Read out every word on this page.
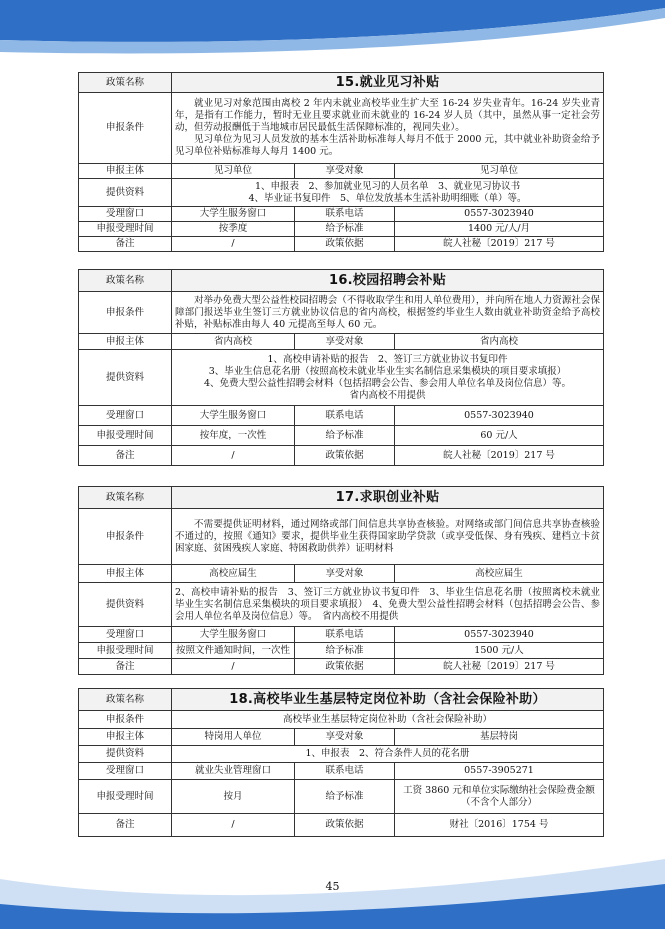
政策名称	15.就业见习补贴		
申报条件	就业见习对象范围由离校 2 年内未就业高校毕业生扩大至 16-24 岁失业青年。16-24 岁失业青年，是指有工作能力，暂时无业且要求就业而未就业的 16-24 岁人员（其中，虽然从事一定社会劳动，但劳动报酬低于当地城市居民最低生活保障标准的，视同失业）。

见习单位为见习人员发放的基本生活补助标准每人每月不低于 2000 元，其中就业补助资金给予见习单位补贴标准每人每月 1400 元。		

申报主体	见习单位	享受对象	见习单位
提供资料	1、申报表　2、参加就业见习的人员名单　3、就业见习协议书
4、毕业证书复印件　5、单位发放基本生活补助明细账（单）等。		

受理窗口	大学生服务窗口	联系电话	0557-3023940
申报受理时间	按季度	给予标准	1400 元/人/月
备注	/	政策依据	皖人社秘〔2019〕217 号
政策名称	16.校园招聘会补贴		
申报条件	对举办免费大型公益性校园招聘会（不得收取学生和用人单位费用），并向所在地人力资源社会保障部门报送毕业生签订三方就业协议信息的省内高校，根据签约毕业生人数由就业补助资金给予高校补贴，补贴标准由每人 40 元提高至每人 60 元。		

申报主体	省内高校	享受对象	省内高校
提供资料	1、高校申请补贴的报告　2、签订三方就业协议书复印件
3、毕业生信息花名册（按照高校未就业毕业生实名制信息采集模块的项目要求填报）
4、免费大型公益性招聘会材料（包括招聘会公告、参会用人单位名单及岗位信息）等。
省内高校不用提供		

受理窗口	大学生服务窗口	联系电话	0557-3023940
申报受理时间	按年度，一次性	给予标准	60 元/人
备注	/	政策依据	皖人社秘〔2019〕217 号
政策名称	17.求职创业补贴		
申报条件	不需要提供证明材料，通过网络或部门间信息共享协查核验。对网络或部门间信息共享协查核验不通过的，按照《通知》要求，提供毕业生获得国家助学贷款（或享受低保、身有残疾、建档立卡贫困家庭、贫困残疾人家庭、特困救助供养）证明材料		

申报主体	高校应届生	享受对象	高校应届生
提供资料	2、高校申请补贴的报告　3、签订三方就业协议书复印件　3、毕业生信息花名册（按照离校未就业毕业生实名制信息采集模块的项目要求填报）　4、免费大型公益性招聘会材料（包括招聘会公告、参会用人单位名单及岗位信息）等。　省内高校不用提供		

受理窗口	大学生服务窗口	联系电话	0557-3023940
申报受理时间	按照文件通知时间，一次性	给予标准	1500 元/人
备注	/	政策依据	皖人社秘〔2019〕217 号
政策名称	18.高校毕业生基层特定岗位补助（含社会保险补助）		
申报条件	高校毕业生基层特定岗位补助（含社会保险补助）		
申报主体	特岗用人单位	享受对象	基层特岗
提供资料	1、申报表　2、符合条件人员的花名册		
受理窗口	就业失业管理窗口	联系电话	0557-3905271
申报受理时间	按月	给予标准	工资 3860 元和单位实际缴纳社会保险费金额
（不含个人部分）

备注	/	政策依据	财社〔2016〕1754 号
45
